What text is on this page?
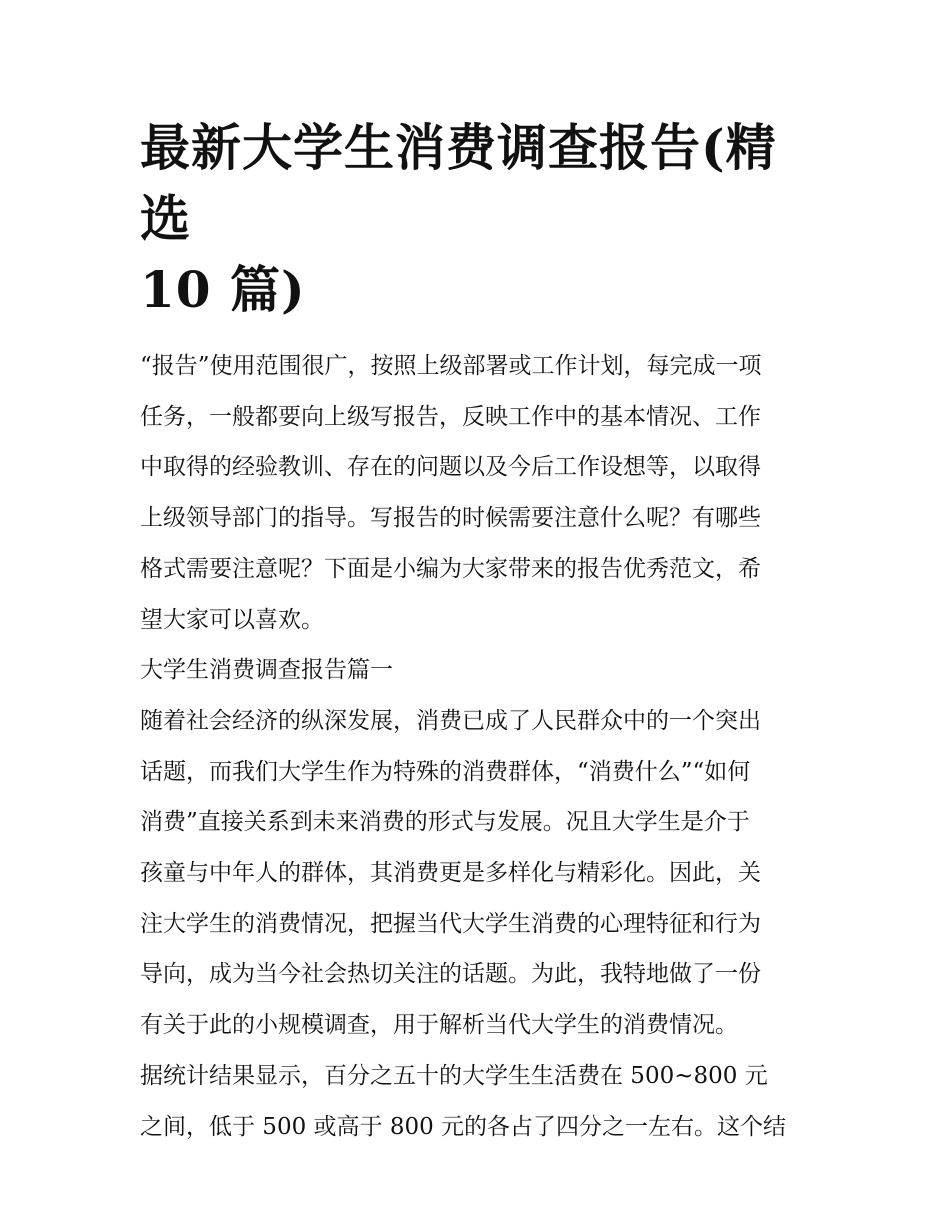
最新大学生消费调查报告(精选
10 篇)

“报告”使用范围很广，按照上级部署或工作计划，每完成一项
任务，一般都要向上级写报告，反映工作中的基本情况、工作
中取得的经验教训、存在的问题以及今后工作设想等，以取得
上级领导部门的指导。写报告的时候需要注意什么呢？有哪些
格式需要注意呢？下面是小编为大家带来的报告优秀范文，希
望大家可以喜欢。

大学生消费调查报告篇一

随着社会经济的纵深发展，消费已成了人民群众中的一个突出
话题，而我们大学生作为特殊的消费群体，“消费什么”“如何
消费”直接关系到未来消费的形式与发展。况且大学生是介于
孩童与中年人的群体，其消费更是多样化与精彩化。因此，关
注大学生的消费情况，把握当代大学生消费的心理特征和行为
导向，成为当今社会热切关注的话题。为此，我特地做了一份
有关于此的小规模调查，用于解析当代大学生的消费情况。

据统计结果显示，百分之五十的大学生生活费在 500~800 元
之间，低于 500 或高于 800 元的各占了四分之一左右。这个结
